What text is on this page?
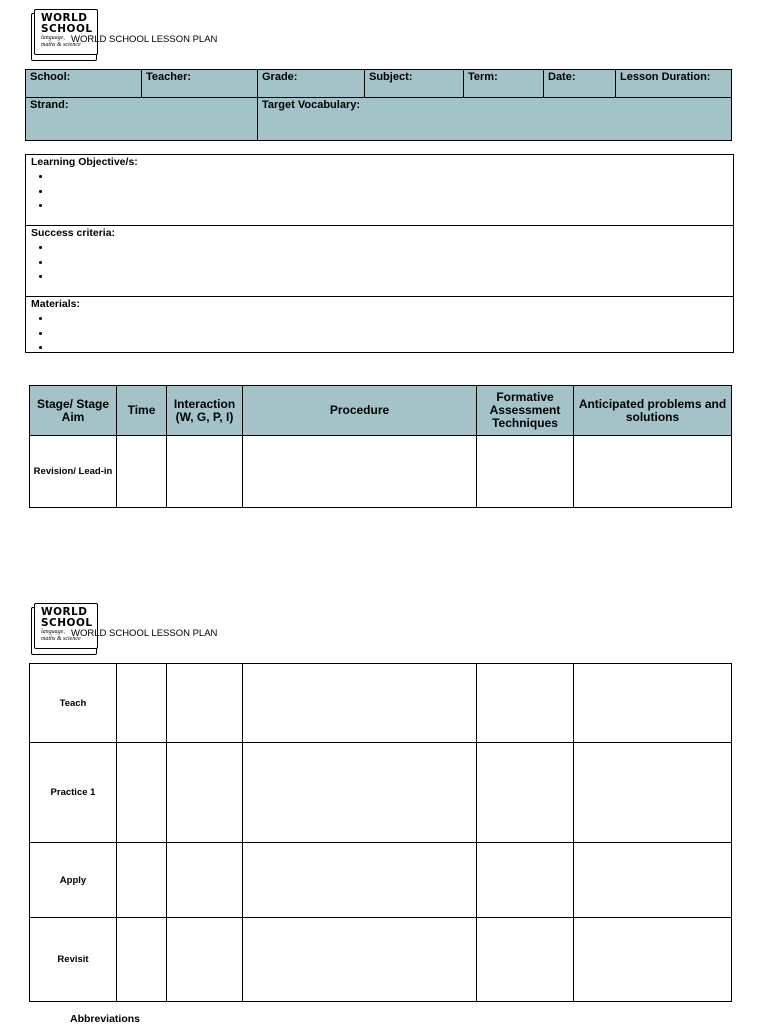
WORLD
SCHOOL
language,
maths & science
WORLD SCHOOL LESSON PLAN
School:	Teacher:	Grade:	Subject:	Term:	Date:	Lesson Duration:
Strand:		Target Vocabulary:				
Learning Objective/s:
•
•
•
Success criteria:
•
•
•
Materials:
•
•
•
Stage/ Stage Aim	Time	Interaction (W, G, P, I)	Procedure	Formative Assessment Techniques	Anticipated problems and solutions
Revision/ Lead-in					
WORLD
SCHOOL
language,
maths & science
WORLD SCHOOL LESSON PLAN
Teach					
Practice 1					
Apply					
Revisit					
Abbreviations
